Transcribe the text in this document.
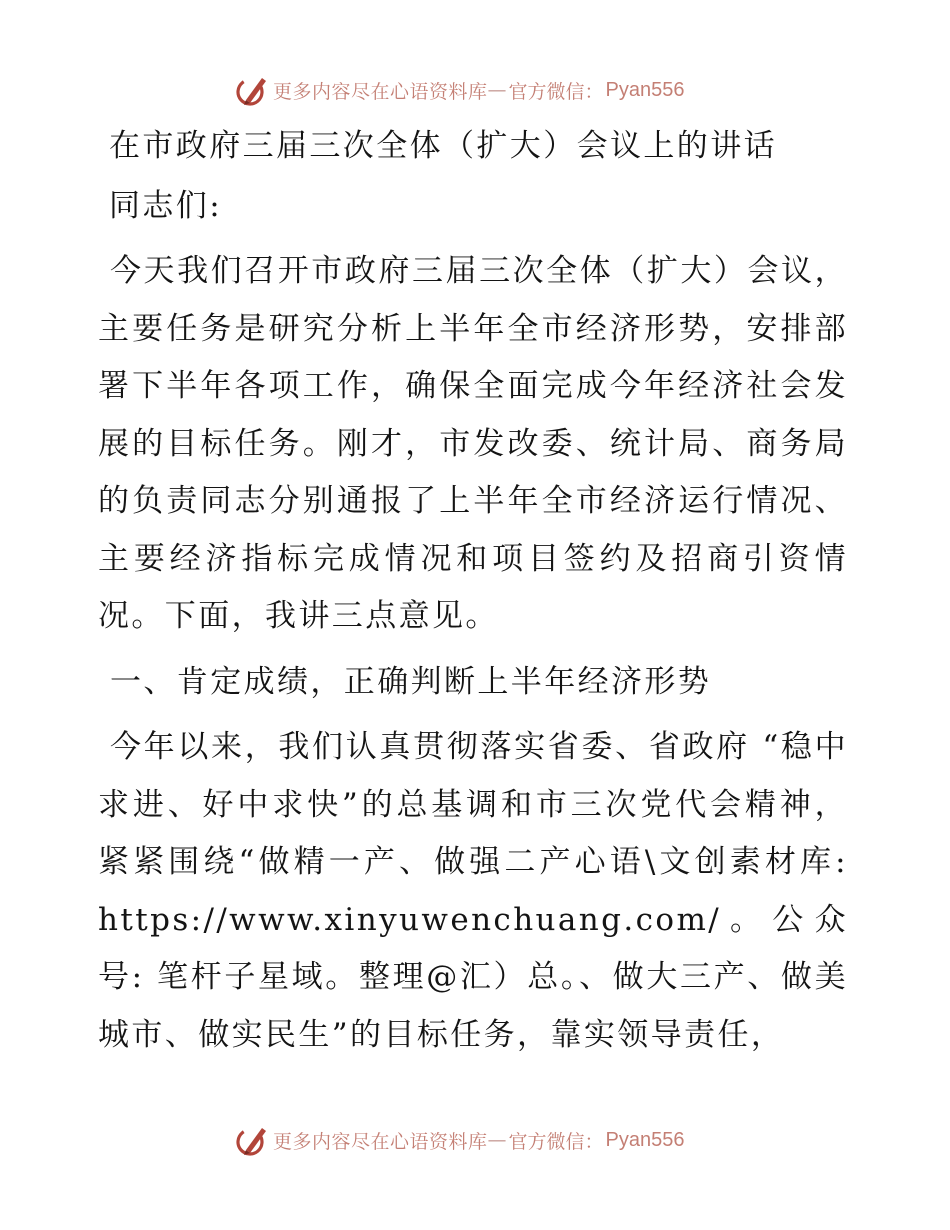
更多内容尽在心语资料库 — 官方微信： Pyan556

在市政府三届三次全体（扩大）会议上的讲话

同志们:

今天我们召开市政府三届三次全体（扩大）会议，主要任务是研究分析上半年全市经济形势，安排部署下半年各项工作，确保全面完成今年经济社会发展的目标任务。刚才，市发改委、统计局、商务局的负责同志分别通报了上半年全市经济运行情况、主要经济指标完成情况和项目签约及招商引资情况。下面，我讲三点意见。

一、肯定成绩，正确判断上半年经济形势

今年以来，我们认真贯彻落实省委、省政府 “稳中求进、好中求快”的总基调和市三次党代会精神，紧紧围绕“做精一产、做强二产心语\文创素材库: https://www.xinyuwenchuang.com/。公众号: 笔杆子星域。整理@汇）总。、做大三产、做美城市、做实民生”的目标任务，靠实领导责任，

更多内容尽在心语资料库 — 官方微信： Pyan556
